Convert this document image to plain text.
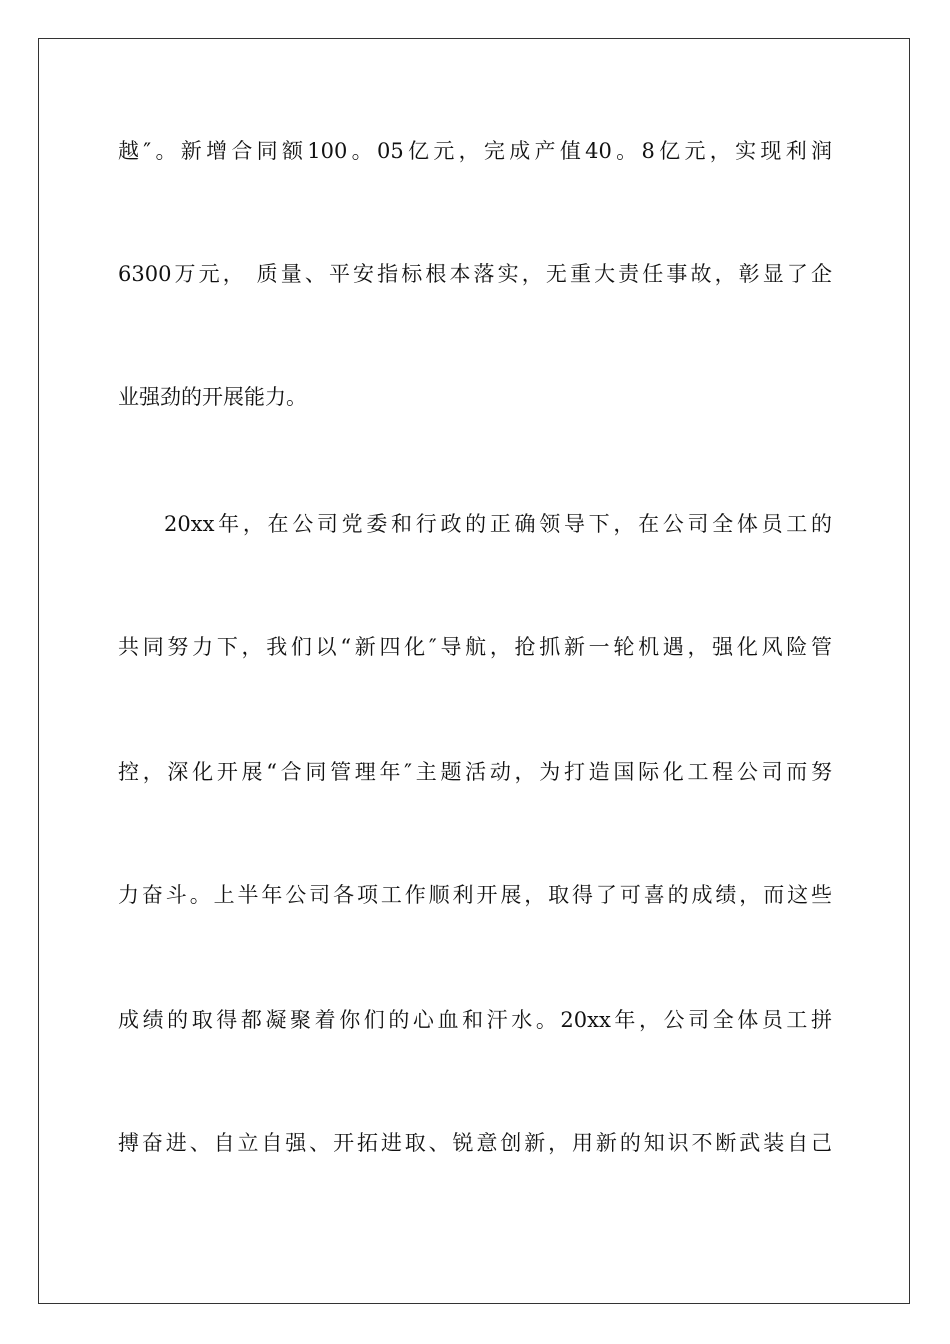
越″。新增合同额100。05亿元，完成产值40。8亿元，实现利润
6300万元， 质量、平安指标根本落实，无重大责任事故，彰显了企
业强劲的开展能力。
20xx年，在公司党委和行政的正确领导下，在公司全体员工的
共同努力下，我们以“新四化″导航，抢抓新一轮机遇，强化风险管
控，深化开展“合同管理年″主题活动，为打造国际化工程公司而努
力奋斗。上半年公司各项工作顺利开展，取得了可喜的成绩，而这些
成绩的取得都凝聚着你们的心血和汗水。20xx年，公司全体员工拼
搏奋进、自立自强、开拓进取、锐意创新，用新的知识不断武装自己
